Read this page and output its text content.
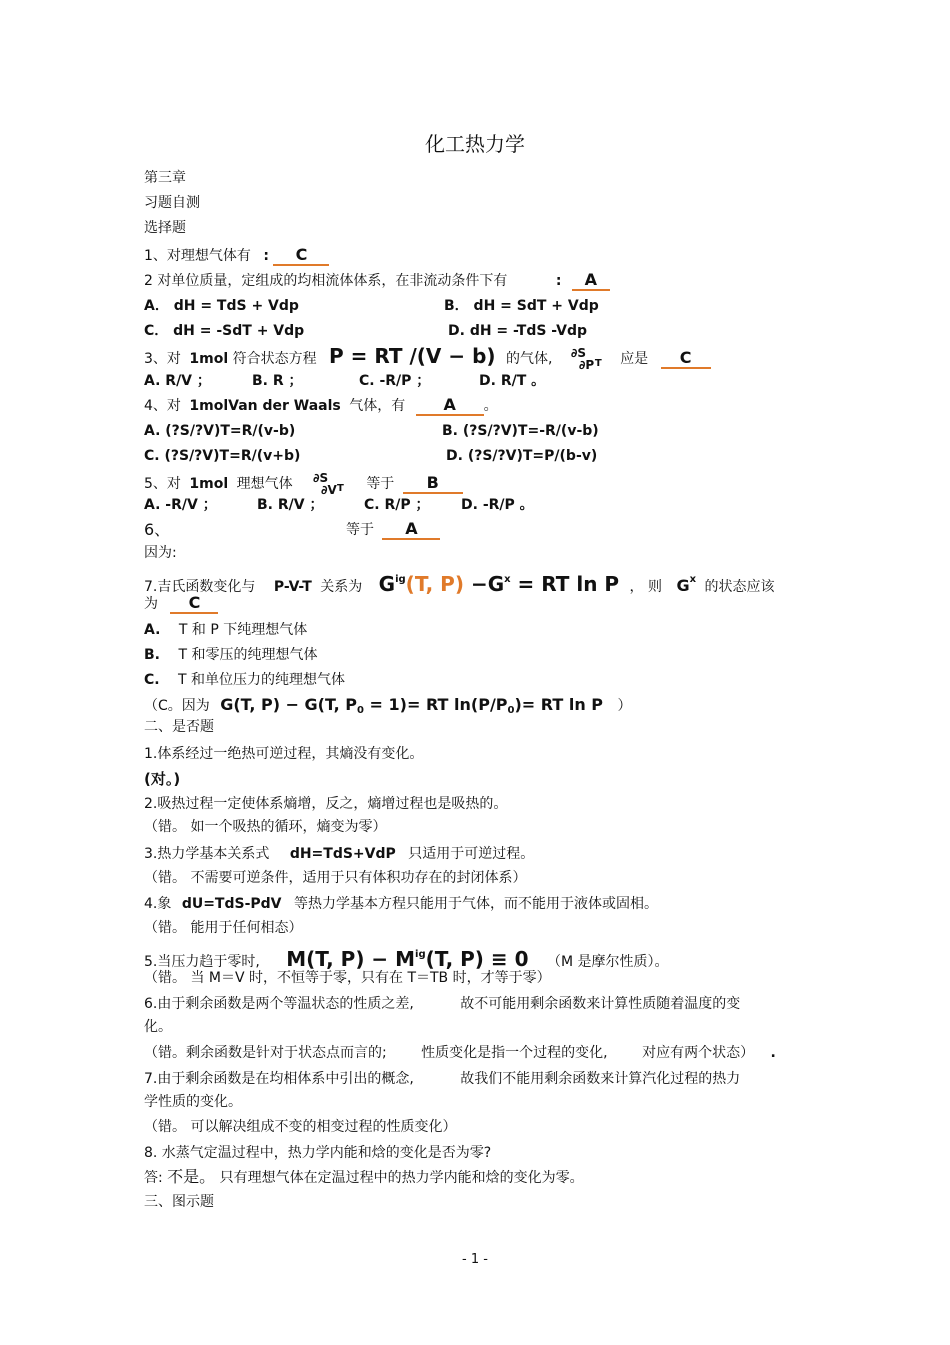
化工热力学
第三章
习题自测
选择题
1、对理想气体有 : C
2 对单位质量，定组成的均相流体体系，在非流动条件下有	: A
A． dH = TdS + Vdp	B． dH = SdT + Vdp
C． dH = -SdT + Vdp	D. dH = -TdS -Vdp
3、对 1mol 符合状态方程 P = RT /(V − b) 的气体, ∂S
∂P $_T$ 应是 C
A. R/V ；	B. R ；	C. -R/P ；	D. R/T 。
4、对 1molVan der Waals 气体，有 A 。
A. (?S/?V)T=R/(v-b)	B. (?S/?V)T=-R/(v-b)
C. (?S/?V)T=R/(v+b)	D. (?S/?V)T=P/(b-v)
5、对 1mol 理想气体 ∂S
∂V $_T$ 等于 B
A. -R/V ；	B. R/V ；	C. R/P ； D. -R/P 。
6、	等于 A
因为:
7.吉氏函数变化与 P-V-T 关系为 $G^{ig}(T$, $P) -G^x$ = RT ln P ， 则 $G^x$ 的状态应该
为 C
A. T 和 P 下纯理想气体
B. T 和零压的纯理想气体
C. T 和单位压力的纯理想气体
（C。因为 G(T, P) − G(T, $P_0 = 1)=$ RT $\ln(P/P_0)=$ RT ln P ）
二、是否题
1.体系经过一绝热可逆过程，其熵没有变化。
(对。)
2.吸热过程一定使体系熵增，反之，熵增过程也是吸热的。
（错。 如一个吸热的循环，熵变为零）
3.热力学基本关系式 dH=TdS+VdP 只适用于可逆过程。
（错。 不需要可逆条件，适用于只有体积功存在的封闭体系）
4.象 dU=TdS-PdV 等热力学基本方程只能用于气体，而不能用于液体或固相。
（错。 能用于任何相态）
5.当压力趋于零时, M(T, $P) - M^{ig}(T$, P) ≡ 0 （M 是摩尔性质）。
（错。 当 M＝V 时，不恒等于零，只有在 T＝TB 时，才等于零）
6.由于剩余函数是两个等温状态的性质之差,	故不可能用剩余函数来计算性质随着温度的变
化。
（错。剩余函数是针对于状态点而言的; 性质变化是指一个过程的变化, 对应有两个状态） .
7.由于剩余函数是在均相体系中引出的概念,	故我们不能用剩余函数来计算汽化过程的热力
学性质的变化。
（错。 可以解决组成不变的相变过程的性质变化）
8. 水蒸气定温过程中，热力学内能和焓的变化是否为零?
答: 不是。 只有理想气体在定温过程中的热力学内能和焓的变化为零。
三、图示题
- 1 -
